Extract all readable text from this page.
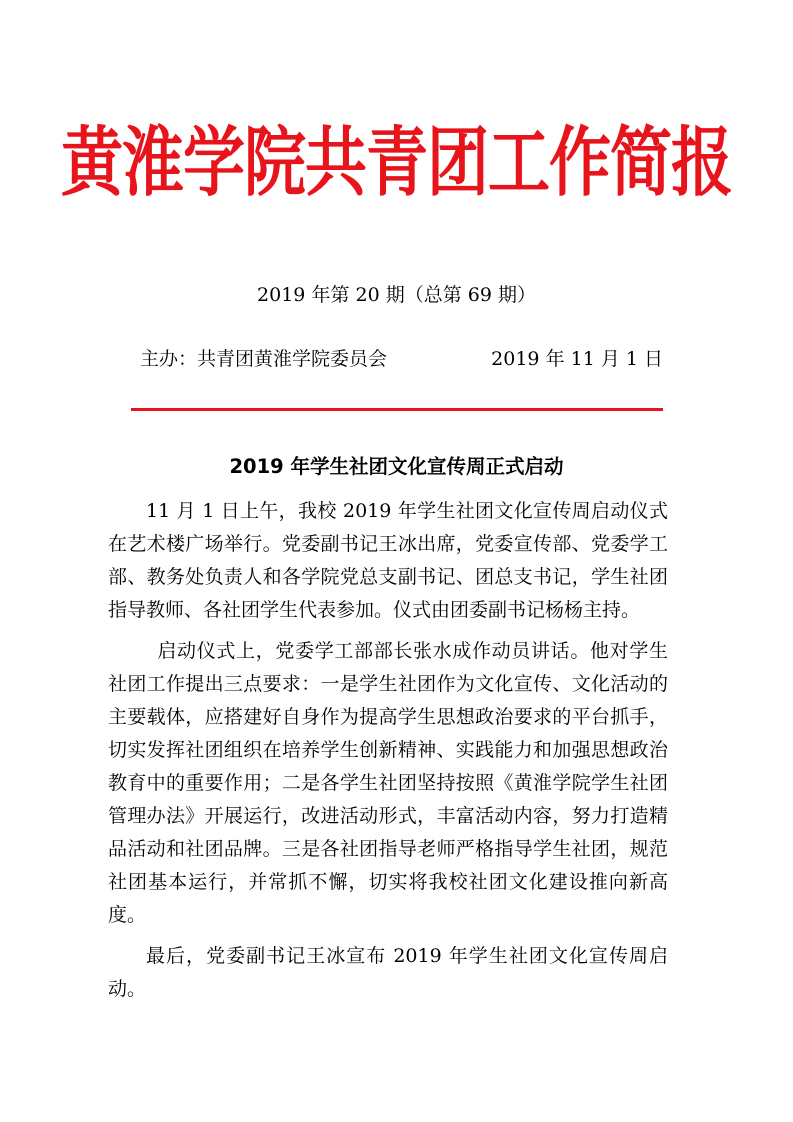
黄淮学院共青团工作简报
2019 年第 20 期（总第 69 期）
主办：共青团黄淮学院委员会	2019 年 11 月 1 日
2019 年学生社团文化宣传周正式启动

11 月 1 日上午，我校 2019 年学生社团文化宣传周启动仪式在艺术楼广场举行。党委副书记王冰出席，党委宣传部、党委学工部、教务处负责人和各学院党总支副书记、团总支书记，学生社团指导教师、各社团学生代表参加。仪式由团委副书记杨杨主持。

启动仪式上，党委学工部部长张水成作动员讲话。他对学生社团工作提出三点要求：一是学生社团作为文化宣传、文化活动的主要载体，应搭建好自身作为提高学生思想政治要求的平台抓手，切实发挥社团组织在培养学生创新精神、实践能力和加强思想政治教育中的重要作用；二是各学生社团坚持按照《黄淮学院学生社团管理办法》开展运行，改进活动形式，丰富活动内容，努力打造精品活动和社团品牌。三是各社团指导老师严格指导学生社团，规范社团基本运行，并常抓不懈，切实将我校社团文化建设推向新高度。

最后，党委副书记王冰宣布 2019 年学生社团文化宣传周启动。
